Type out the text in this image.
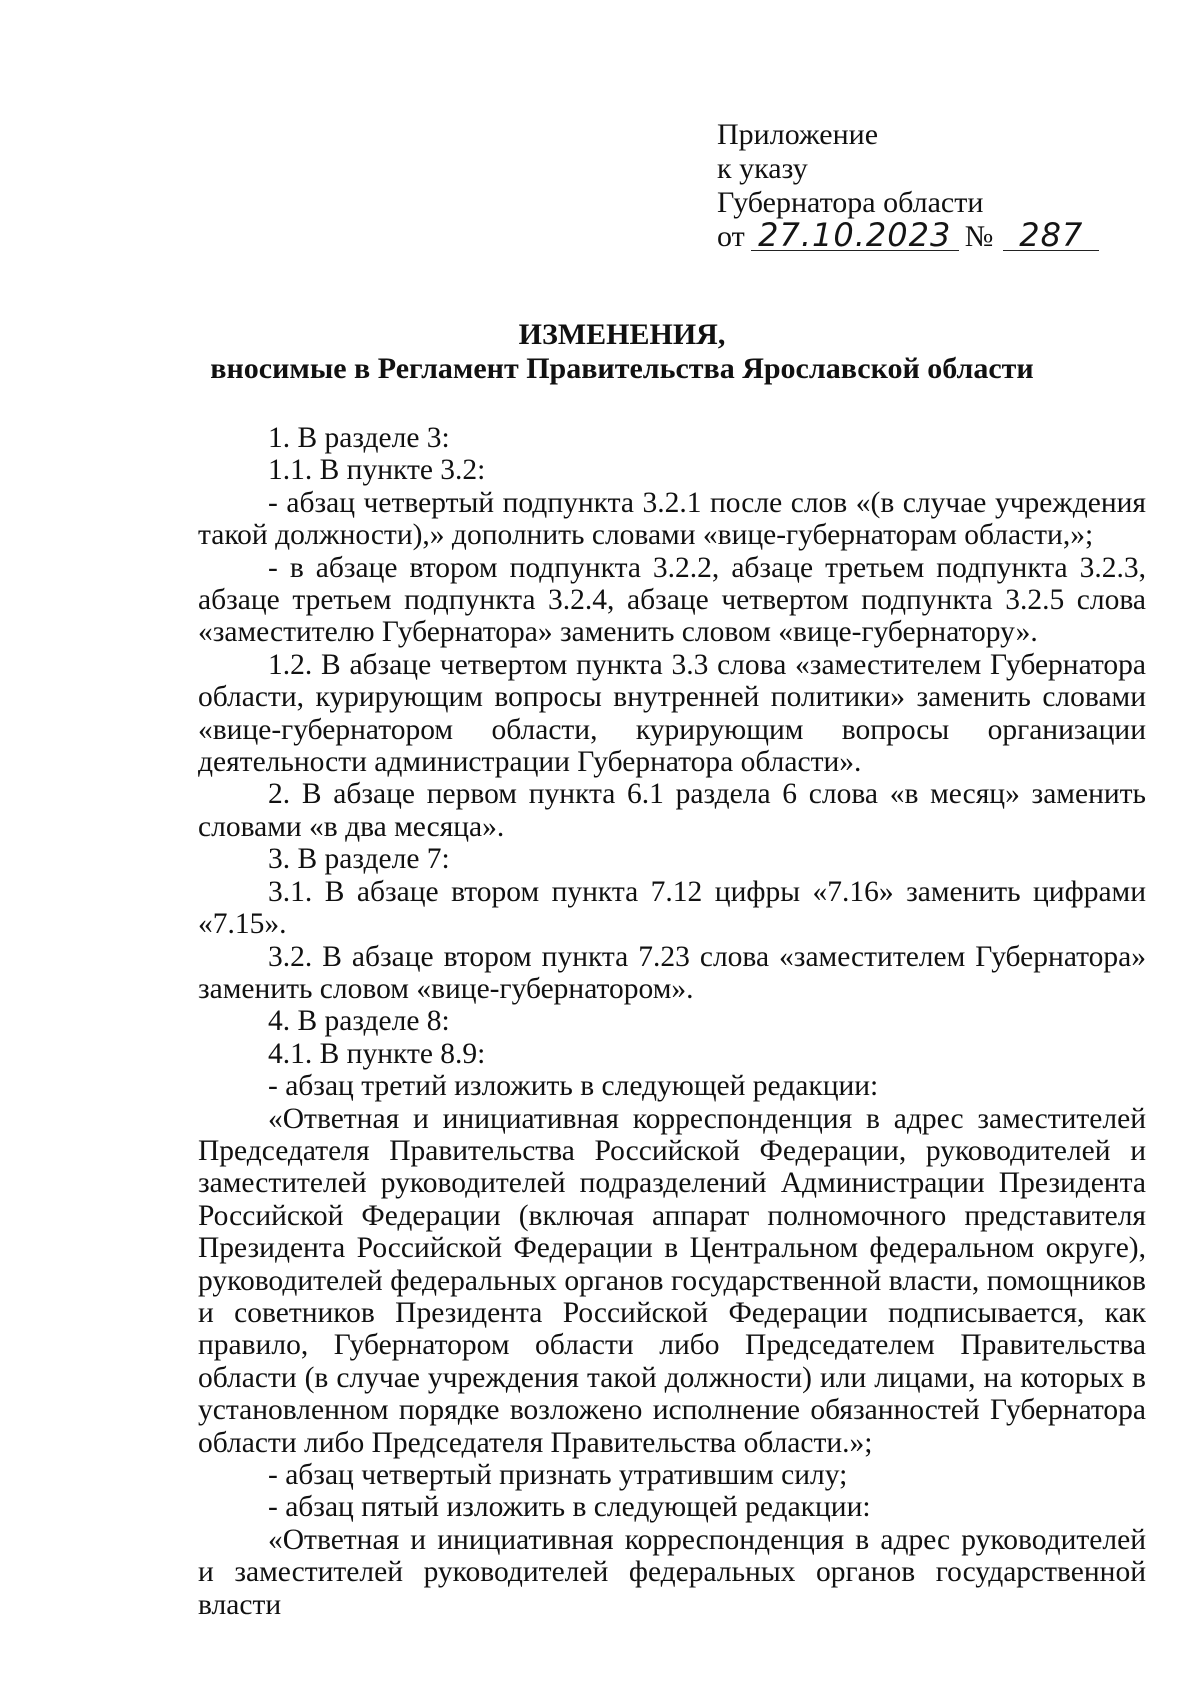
Приложение
к указу
Губернатора области
от 27.10.2023 № 287
ИЗМЕНЕНИЯ,
вносимые в Регламент Правительства Ярославской области

1. В разделе 3:

1.1. В пункте 3.2:

- абзац четвертый подпункта 3.2.1 после слов «(в случае учреждения такой должности),» дополнить словами «вице-губернаторам области,»;

- в абзаце втором подпункта 3.2.2, абзаце третьем подпункта 3.2.3, абзаце третьем подпункта 3.2.4, абзаце четвертом подпункта 3.2.5 слова «заместителю Губернатора» заменить словом «вице-губернатору».

1.2. В абзаце четвертом пункта 3.3 слова «заместителем Губернатора области, курирующим вопросы внутренней политики» заменить словами «вице-губернатором области, курирующим вопросы организации деятельности администрации Губернатора области».

2. В абзаце первом пункта 6.1 раздела 6 слова «в месяц» заменить словами «в два месяца».

3. В разделе 7:

3.1. В абзаце втором пункта 7.12 цифры «7.16» заменить цифрами «7.15».

3.2. В абзаце втором пункта 7.23 слова «заместителем Губернатора» заменить словом «вице-губернатором».

4. В разделе 8:

4.1. В пункте 8.9:

- абзац третий изложить в следующей редакции:

«Ответная и инициативная корреспонденция в адрес заместителей Председателя Правительства Российской Федерации, руководителей и заместителей руководителей подразделений Администрации Президента Российской Федерации (включая аппарат полномочного представителя Президента Российской Федерации в Центральном федеральном округе), руководителей федеральных органов государственной власти, помощников и советников Президента Российской Федерации подписывается, как правило, Губернатором области либо Председателем Правительства области (в случае учреждения такой должности) или лицами, на которых в установленном порядке возложено исполнение обязанностей Губернатора области либо Председателя Правительства области.»;

- абзац четвертый признать утратившим силу;

- абзац пятый изложить в следующей редакции:

«Ответная и инициативная корреспонденция в адрес руководителей и заместителей руководителей федеральных органов государственной власти
